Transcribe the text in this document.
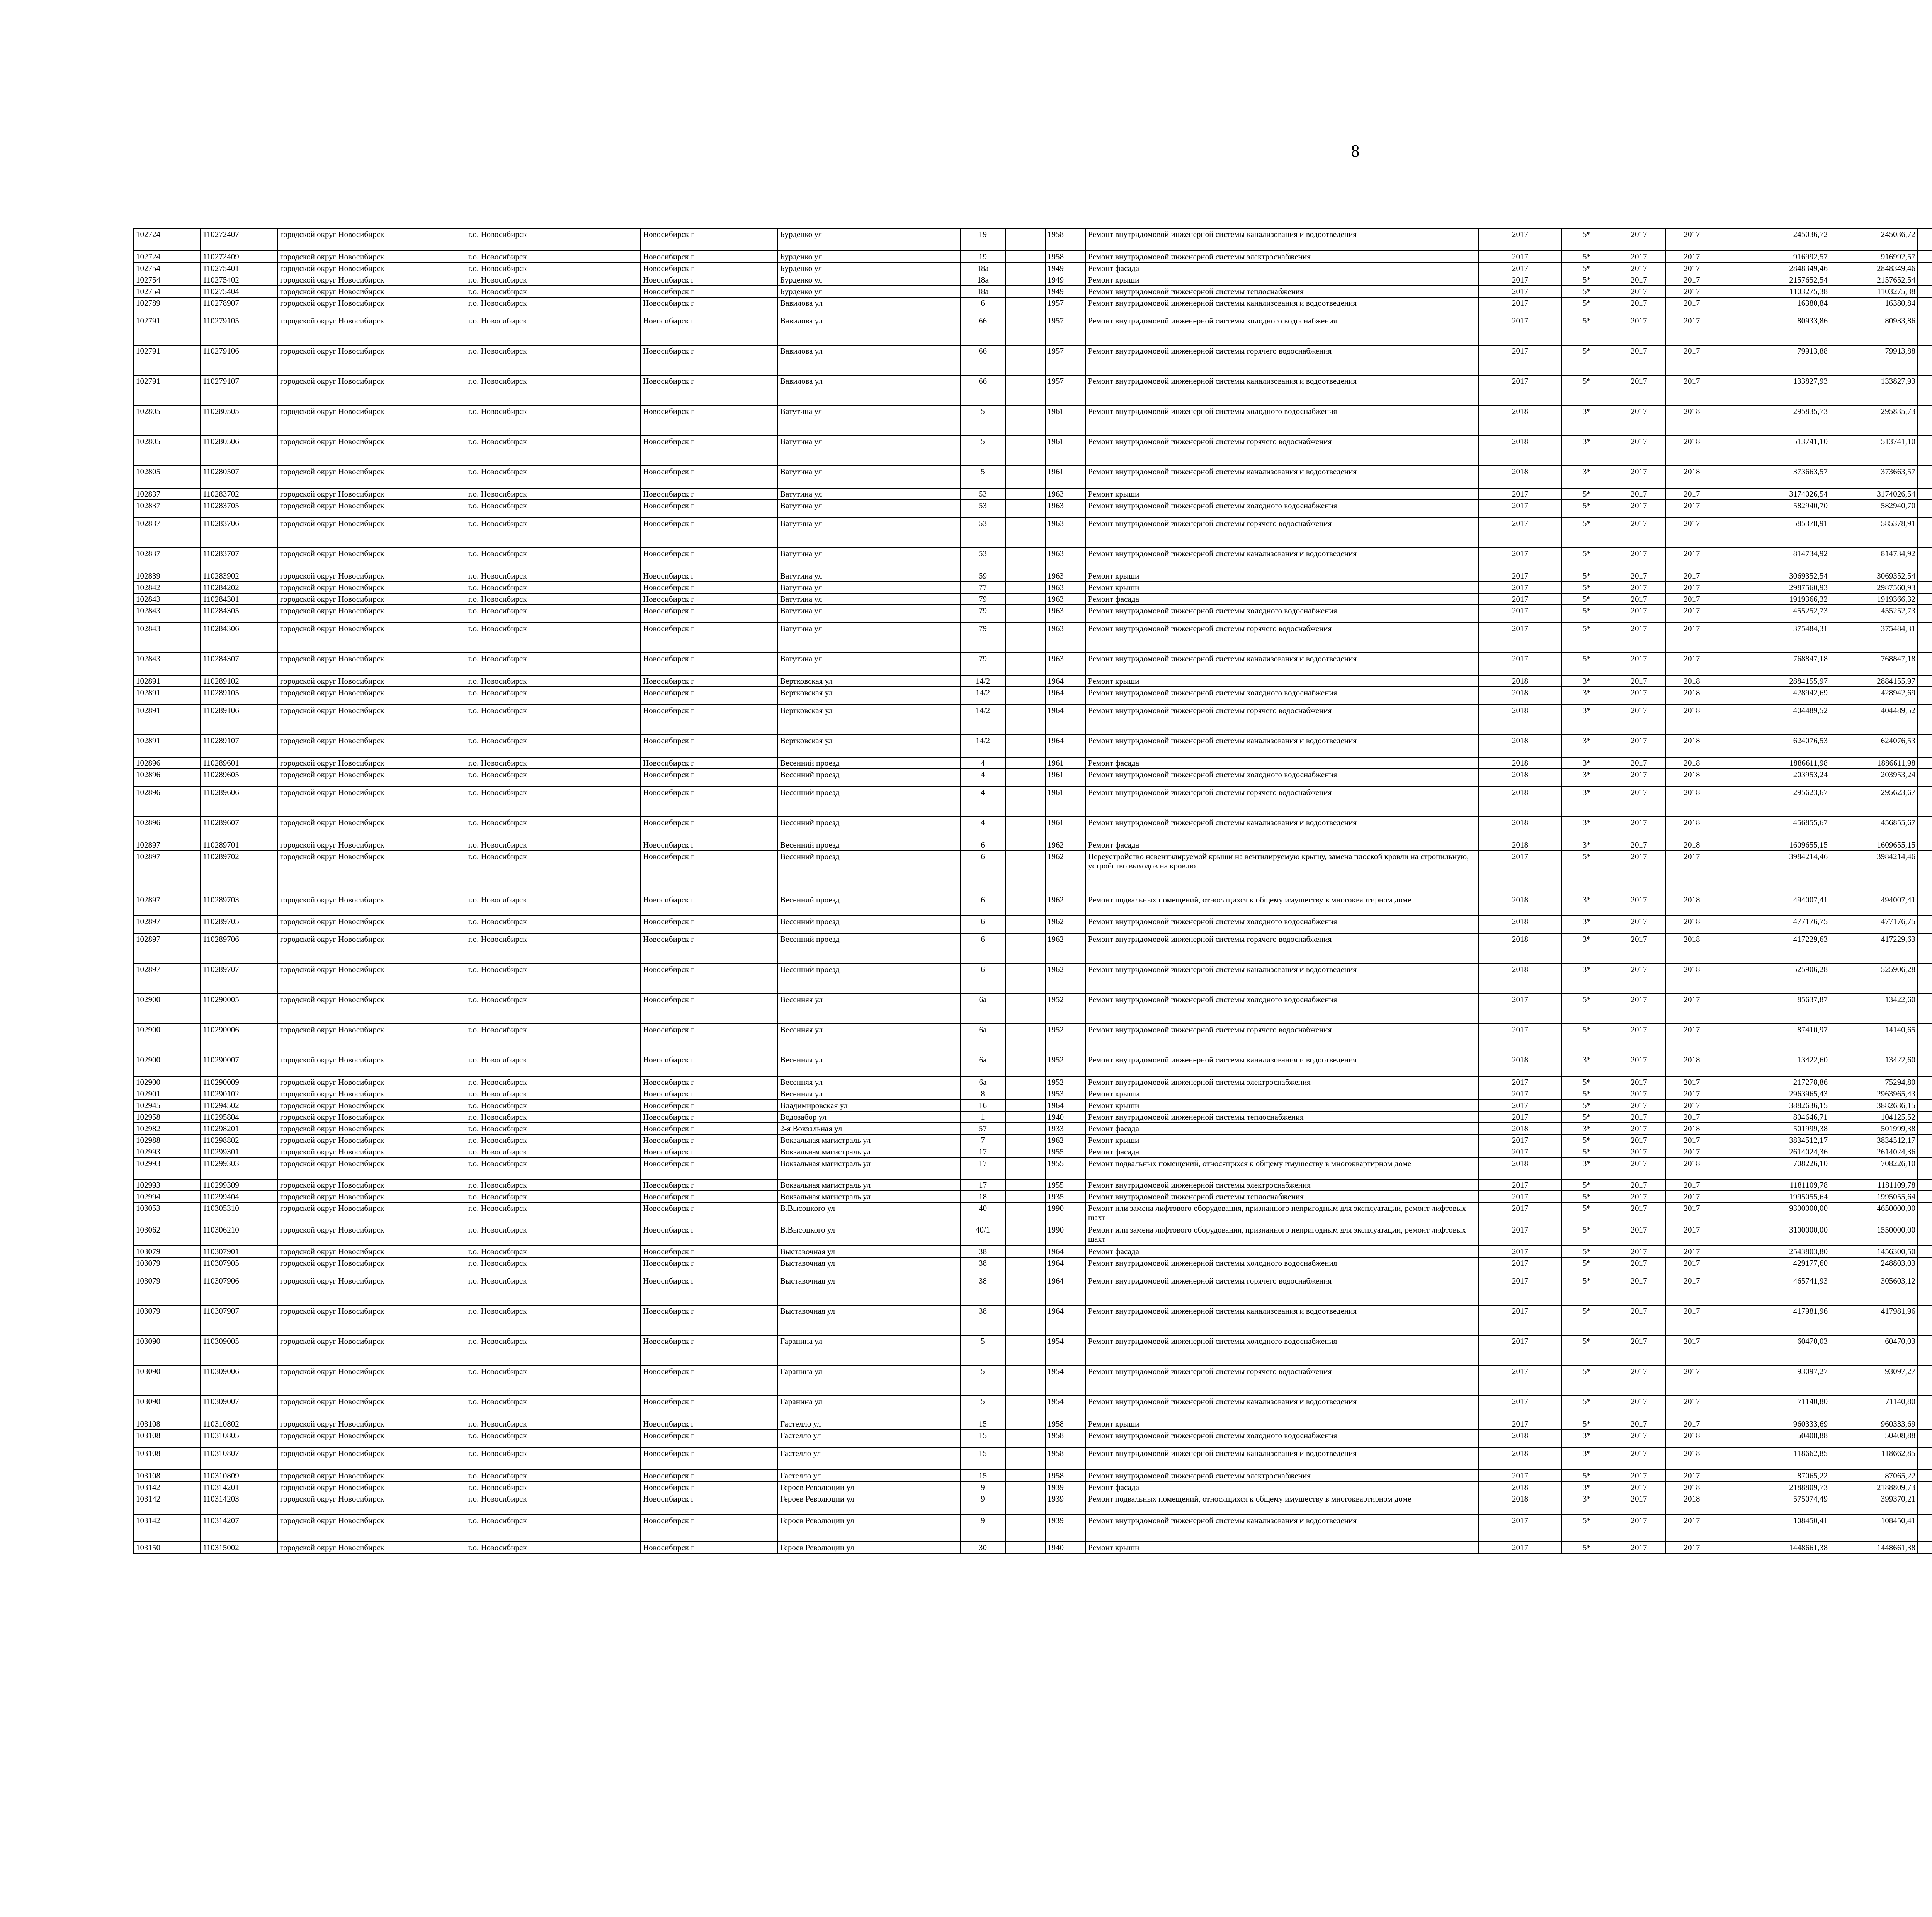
8
102724	110272407	городской округ Новосибирск	г.о. Новосибирск	Новосибирск г	Бурденко ул	19		1958	Ремонт внутридомовой инженерной системы канализования и водоотведения	2017	5*	2017	2017	245036,72	245036,72							
102724	110272409	городской округ Новосибирск	г.о. Новосибирск	Новосибирск г	Бурденко ул	19		1958	Ремонт внутридомовой инженерной системы электроснабжения	2017	5*	2017	2017	916992,57	916992,57							
102754	110275401	городской округ Новосибирск	г.о. Новосибирск	Новосибирск г	Бурденко ул	18а		1949	Ремонт фасада	2017	5*	2017	2017	2848349,46	2848349,46							
102754	110275402	городской округ Новосибирск	г.о. Новосибирск	Новосибирск г	Бурденко ул	18а		1949	Ремонт крыши	2017	5*	2017	2017	2157652,54	2157652,54							
102754	110275404	городской округ Новосибирск	г.о. Новосибирск	Новосибирск г	Бурденко ул	18а		1949	Ремонт внутридомовой инженерной системы теплоснабжения	2017	5*	2017	2017	1103275,38	1103275,38							
102789	110278907	городской округ Новосибирск	г.о. Новосибирск	Новосибирск г	Вавилова ул	6		1957	Ремонт внутридомовой инженерной системы канализования и водоотведения	2017	5*	2017	2017	16380,84	16380,84							
102791	110279105	городской округ Новосибирск	г.о. Новосибирск	Новосибирск г	Вавилова ул	66		1957	Ремонт внутридомовой инженерной системы холодного водоснабжения	2017	5*	2017	2017	80933,86	80933,86							
102791	110279106	городской округ Новосибирск	г.о. Новосибирск	Новосибирск г	Вавилова ул	66		1957	Ремонт внутридомовой инженерной системы горячего водоснабжения	2017	5*	2017	2017	79913,88	79913,88							
102791	110279107	городской округ Новосибирск	г.о. Новосибирск	Новосибирск г	Вавилова ул	66		1957	Ремонт внутридомовой инженерной системы канализования и водоотведения	2017	5*	2017	2017	133827,93	133827,93							
102805	110280505	городской округ Новосибирск	г.о. Новосибирск	Новосибирск г	Ватутина ул	5		1961	Ремонт внутридомовой инженерной системы холодного водоснабжения	2018	3*	2017	2018	295835,73	295835,73							
102805	110280506	городской округ Новосибирск	г.о. Новосибирск	Новосибирск г	Ватутина ул	5		1961	Ремонт внутридомовой инженерной системы горячего водоснабжения	2018	3*	2017	2018	513741,10	513741,10							
102805	110280507	городской округ Новосибирск	г.о. Новосибирск	Новосибирск г	Ватутина ул	5		1961	Ремонт внутридомовой инженерной системы канализования и водоотведения	2018	3*	2017	2018	373663,57	373663,57							
102837	110283702	городской округ Новосибирск	г.о. Новосибирск	Новосибирск г	Ватутина ул	53		1963	Ремонт крыши	2017	5*	2017	2017	3174026,54	3174026,54							
102837	110283705	городской округ Новосибирск	г.о. Новосибирск	Новосибирск г	Ватутина ул	53		1963	Ремонт внутридомовой инженерной системы холодного водоснабжения	2017	5*	2017	2017	582940,70	582940,70							
102837	110283706	городской округ Новосибирск	г.о. Новосибирск	Новосибирск г	Ватутина ул	53		1963	Ремонт внутридомовой инженерной системы горячего водоснабжения	2017	5*	2017	2017	585378,91	585378,91							
102837	110283707	городской округ Новосибирск	г.о. Новосибирск	Новосибирск г	Ватутина ул	53		1963	Ремонт внутридомовой инженерной системы канализования и водоотведения	2017	5*	2017	2017	814734,92	814734,92							
102839	110283902	городской округ Новосибирск	г.о. Новосибирск	Новосибирск г	Ватутина ул	59		1963	Ремонт крыши	2017	5*	2017	2017	3069352,54	3069352,54							
102842	110284202	городской округ Новосибирск	г.о. Новосибирск	Новосибирск г	Ватутина ул	77		1963	Ремонт крыши	2017	5*	2017	2017	2987560,93	2987560,93							
102843	110284301	городской округ Новосибирск	г.о. Новосибирск	Новосибирск г	Ватутина ул	79		1963	Ремонт фасада	2017	5*	2017	2017	1919366,32	1919366,32							
102843	110284305	городской округ Новосибирск	г.о. Новосибирск	Новосибирск г	Ватутина ул	79		1963	Ремонт внутридомовой инженерной системы холодного водоснабжения	2017	5*	2017	2017	455252,73	455252,73							
102843	110284306	городской округ Новосибирск	г.о. Новосибирск	Новосибирск г	Ватутина ул	79		1963	Ремонт внутридомовой инженерной системы горячего водоснабжения	2017	5*	2017	2017	375484,31	375484,31							
102843	110284307	городской округ Новосибирск	г.о. Новосибирск	Новосибирск г	Ватутина ул	79		1963	Ремонт внутридомовой инженерной системы канализования и водоотведения	2017	5*	2017	2017	768847,18	768847,18							
102891	110289102	городской округ Новосибирск	г.о. Новосибирск	Новосибирск г	Вертковская ул	14/2		1964	Ремонт крыши	2018	3*	2017	2018	2884155,97	2884155,97							
102891	110289105	городской округ Новосибирск	г.о. Новосибирск	Новосибирск г	Вертковская ул	14/2		1964	Ремонт внутридомовой инженерной системы холодного водоснабжения	2018	3*	2017	2018	428942,69	428942,69							
102891	110289106	городской округ Новосибирск	г.о. Новосибирск	Новосибирск г	Вертковская ул	14/2		1964	Ремонт внутридомовой инженерной системы горячего водоснабжения	2018	3*	2017	2018	404489,52	404489,52							
102891	110289107	городской округ Новосибирск	г.о. Новосибирск	Новосибирск г	Вертковская ул	14/2		1964	Ремонт внутридомовой инженерной системы канализования и водоотведения	2018	3*	2017	2018	624076,53	624076,53							
102896	110289601	городской округ Новосибирск	г.о. Новосибирск	Новосибирск г	Весенний проезд	4		1961	Ремонт фасада	2018	3*	2017	2018	1886611,98	1886611,98							
102896	110289605	городской округ Новосибирск	г.о. Новосибирск	Новосибирск г	Весенний проезд	4		1961	Ремонт внутридомовой инженерной системы холодного водоснабжения	2018	3*	2017	2018	203953,24	203953,24							
102896	110289606	городской округ Новосибирск	г.о. Новосибирск	Новосибирск г	Весенний проезд	4		1961	Ремонт внутридомовой инженерной системы горячего водоснабжения	2018	3*	2017	2018	295623,67	295623,67							
102896	110289607	городской округ Новосибирск	г.о. Новосибирск	Новосибирск г	Весенний проезд	4		1961	Ремонт внутридомовой инженерной системы канализования и водоотведения	2018	3*	2017	2018	456855,67	456855,67							
102897	110289701	городской округ Новосибирск	г.о. Новосибирск	Новосибирск г	Весенний проезд	6		1962	Ремонт фасада	2018	3*	2017	2018	1609655,15	1609655,15							
102897	110289702	городской округ Новосибирск	г.о. Новосибирск	Новосибирск г	Весенний проезд	6		1962	Переустройство невентилируемой крыши на вентилируемую крышу, замена плоской кровли на стропильную, устройство выходов на кровлю	2017	5*	2017	2017	3984214,46	3984214,46							
102897	110289703	городской округ Новосибирск	г.о. Новосибирск	Новосибирск г	Весенний проезд	6		1962	Ремонт подвальных помещений, относящихся к общему имуществу в многоквартирном доме	2018	3*	2017	2018	494007,41	494007,41							
102897	110289705	городской округ Новосибирск	г.о. Новосибирск	Новосибирск г	Весенний проезд	6		1962	Ремонт внутридомовой инженерной системы холодного водоснабжения	2018	3*	2017	2018	477176,75	477176,75							
102897	110289706	городской округ Новосибирск	г.о. Новосибирск	Новосибирск г	Весенний проезд	6		1962	Ремонт внутридомовой инженерной системы горячего водоснабжения	2018	3*	2017	2018	417229,63	417229,63							
102897	110289707	городской округ Новосибирск	г.о. Новосибирск	Новосибирск г	Весенний проезд	6		1962	Ремонт внутридомовой инженерной системы канализования и водоотведения	2018	3*	2017	2018	525906,28	525906,28							
102900	110290005	городской округ Новосибирск	г.о. Новосибирск	Новосибирск г	Весенняя ул	6а		1952	Ремонт внутридомовой инженерной системы холодного водоснабжения	2017	5*	2017	2017	85637,87	13422,60							
102900	110290006	городской округ Новосибирск	г.о. Новосибирск	Новосибирск г	Весенняя ул	6а		1952	Ремонт внутридомовой инженерной системы горячего водоснабжения	2017	5*	2017	2017	87410,97	14140,65							
102900	110290007	городской округ Новосибирск	г.о. Новосибирск	Новосибирск г	Весенняя ул	6а		1952	Ремонт внутридомовой инженерной системы канализования и водоотведения	2018	3*	2017	2018	13422,60	13422,60							
102900	110290009	городской округ Новосибирск	г.о. Новосибирск	Новосибирск г	Весенняя ул	6а		1952	Ремонт внутридомовой инженерной системы электроснабжения	2017	5*	2017	2017	217278,86	75294,80							
102901	110290102	городской округ Новосибирск	г.о. Новосибирск	Новосибирск г	Весенняя ул	8		1953	Ремонт крыши	2017	5*	2017	2017	2963965,43	2963965,43							
102945	110294502	городской округ Новосибирск	г.о. Новосибирск	Новосибирск г	Владимировская ул	16		1964	Ремонт крыши	2017	5*	2017	2017	3882636,15	3882636,15							
102958	110295804	городской округ Новосибирск	г.о. Новосибирск	Новосибирск г	Водозабор ул	1		1940	Ремонт внутридомовой инженерной системы теплоснабжения	2017	5*	2017	2017	804646,71	104125,52							
102982	110298201	городской округ Новосибирск	г.о. Новосибирск	Новосибирск г	2-я Вокзальная ул	57		1933	Ремонт фасада	2018	3*	2017	2018	501999,38	501999,38							
102988	110298802	городской округ Новосибирск	г.о. Новосибирск	Новосибирск г	Вокзальная магистраль ул	7		1962	Ремонт крыши	2017	5*	2017	2017	3834512,17	3834512,17							
102993	110299301	городской округ Новосибирск	г.о. Новосибирск	Новосибирск г	Вокзальная магистраль ул	17		1955	Ремонт фасада	2017	5*	2017	2017	2614024,36	2614024,36							
102993	110299303	городской округ Новосибирск	г.о. Новосибирск	Новосибирск г	Вокзальная магистраль ул	17		1955	Ремонт подвальных помещений, относящихся к общему имуществу в многоквартирном доме	2018	3*	2017	2018	708226,10	708226,10							
102993	110299309	городской округ Новосибирск	г.о. Новосибирск	Новосибирск г	Вокзальная магистраль ул	17		1955	Ремонт внутридомовой инженерной системы электроснабжения	2017	5*	2017	2017	1181109,78	1181109,78							
102994	110299404	городской округ Новосибирск	г.о. Новосибирск	Новосибирск г	Вокзальная магистраль ул	18		1935	Ремонт внутридомовой инженерной системы теплоснабжения	2017	5*	2017	2017	1995055,64	1995055,64							
103053	110305310	городской округ Новосибирск	г.о. Новосибирск	Новосибирск г	В.Высоцкого ул	40		1990	Ремонт или замена лифтового оборудования, признанного непригодным для эксплуатации, ремонт лифтовых шахт	2017	5*	2017	2017	9300000,00	4650000,00							
103062	110306210	городской округ Новосибирск	г.о. Новосибирск	Новосибирск г	В.Высоцкого ул	40/1		1990	Ремонт или замена лифтового оборудования, признанного непригодным для эксплуатации, ремонт лифтовых шахт	2017	5*	2017	2017	3100000,00	1550000,00							
103079	110307901	городской округ Новосибирск	г.о. Новосибирск	Новосибирск г	Выставочная ул	38		1964	Ремонт фасада	2017	5*	2017	2017	2543803,80	1456300,50							
103079	110307905	городской округ Новосибирск	г.о. Новосибирск	Новосибирск г	Выставочная ул	38		1964	Ремонт внутридомовой инженерной системы холодного водоснабжения	2017	5*	2017	2017	429177,60	248803,03							
103079	110307906	городской округ Новосибирск	г.о. Новосибирск	Новосибирск г	Выставочная ул	38		1964	Ремонт внутридомовой инженерной системы горячего водоснабжения	2017	5*	2017	2017	465741,93	305603,12							
103079	110307907	городской округ Новосибирск	г.о. Новосибирск	Новосибирск г	Выставочная ул	38		1964	Ремонт внутридомовой инженерной системы канализования и водоотведения	2017	5*	2017	2017	417981,96	417981,96							
103090	110309005	городской округ Новосибирск	г.о. Новосибирск	Новосибирск г	Гаранина ул	5		1954	Ремонт внутридомовой инженерной системы холодного водоснабжения	2017	5*	2017	2017	60470,03	60470,03							
103090	110309006	городской округ Новосибирск	г.о. Новосибирск	Новосибирск г	Гаранина ул	5		1954	Ремонт внутридомовой инженерной системы горячего водоснабжения	2017	5*	2017	2017	93097,27	93097,27							
103090	110309007	городской округ Новосибирск	г.о. Новосибирск	Новосибирск г	Гаранина ул	5		1954	Ремонт внутридомовой инженерной системы канализования и водоотведения	2017	5*	2017	2017	71140,80	71140,80							
103108	110310802	городской округ Новосибирск	г.о. Новосибирск	Новосибирск г	Гастелло ул	15		1958	Ремонт крыши	2017	5*	2017	2017	960333,69	960333,69							
103108	110310805	городской округ Новосибирск	г.о. Новосибирск	Новосибирск г	Гастелло ул	15		1958	Ремонт внутридомовой инженерной системы холодного водоснабжения	2018	3*	2017	2018	50408,88	50408,88							
103108	110310807	городской округ Новосибирск	г.о. Новосибирск	Новосибирск г	Гастелло ул	15		1958	Ремонт внутридомовой инженерной системы канализования и водоотведения	2018	3*	2017	2018	118662,85	118662,85							
103108	110310809	городской округ Новосибирск	г.о. Новосибирск	Новосибирск г	Гастелло ул	15		1958	Ремонт внутридомовой инженерной системы электроснабжения	2017	5*	2017	2017	87065,22	87065,22							
103142	110314201	городской округ Новосибирск	г.о. Новосибирск	Новосибирск г	Героев Революции ул	9		1939	Ремонт фасада	2018	3*	2017	2018	2188809,73	2188809,73							
103142	110314203	городской округ Новосибирск	г.о. Новосибирск	Новосибирск г	Героев Революции ул	9		1939	Ремонт подвальных помещений, относящихся к общему имуществу в многоквартирном доме	2018	3*	2017	2018	575074,49	399370,21							
103142	110314207	городской округ Новосибирск	г.о. Новосибирск	Новосибирск г	Героев Революции ул	9		1939	Ремонт внутридомовой инженерной системы канализования и водоотведения	2017	5*	2017	2017	108450,41	108450,41							
103150	110315002	городской округ Новосибирск	г.о. Новосибирск	Новосибирск г	Героев Революции ул	30		1940	Ремонт крыши	2017	5*	2017	2017	1448661,38	1448661,38							
